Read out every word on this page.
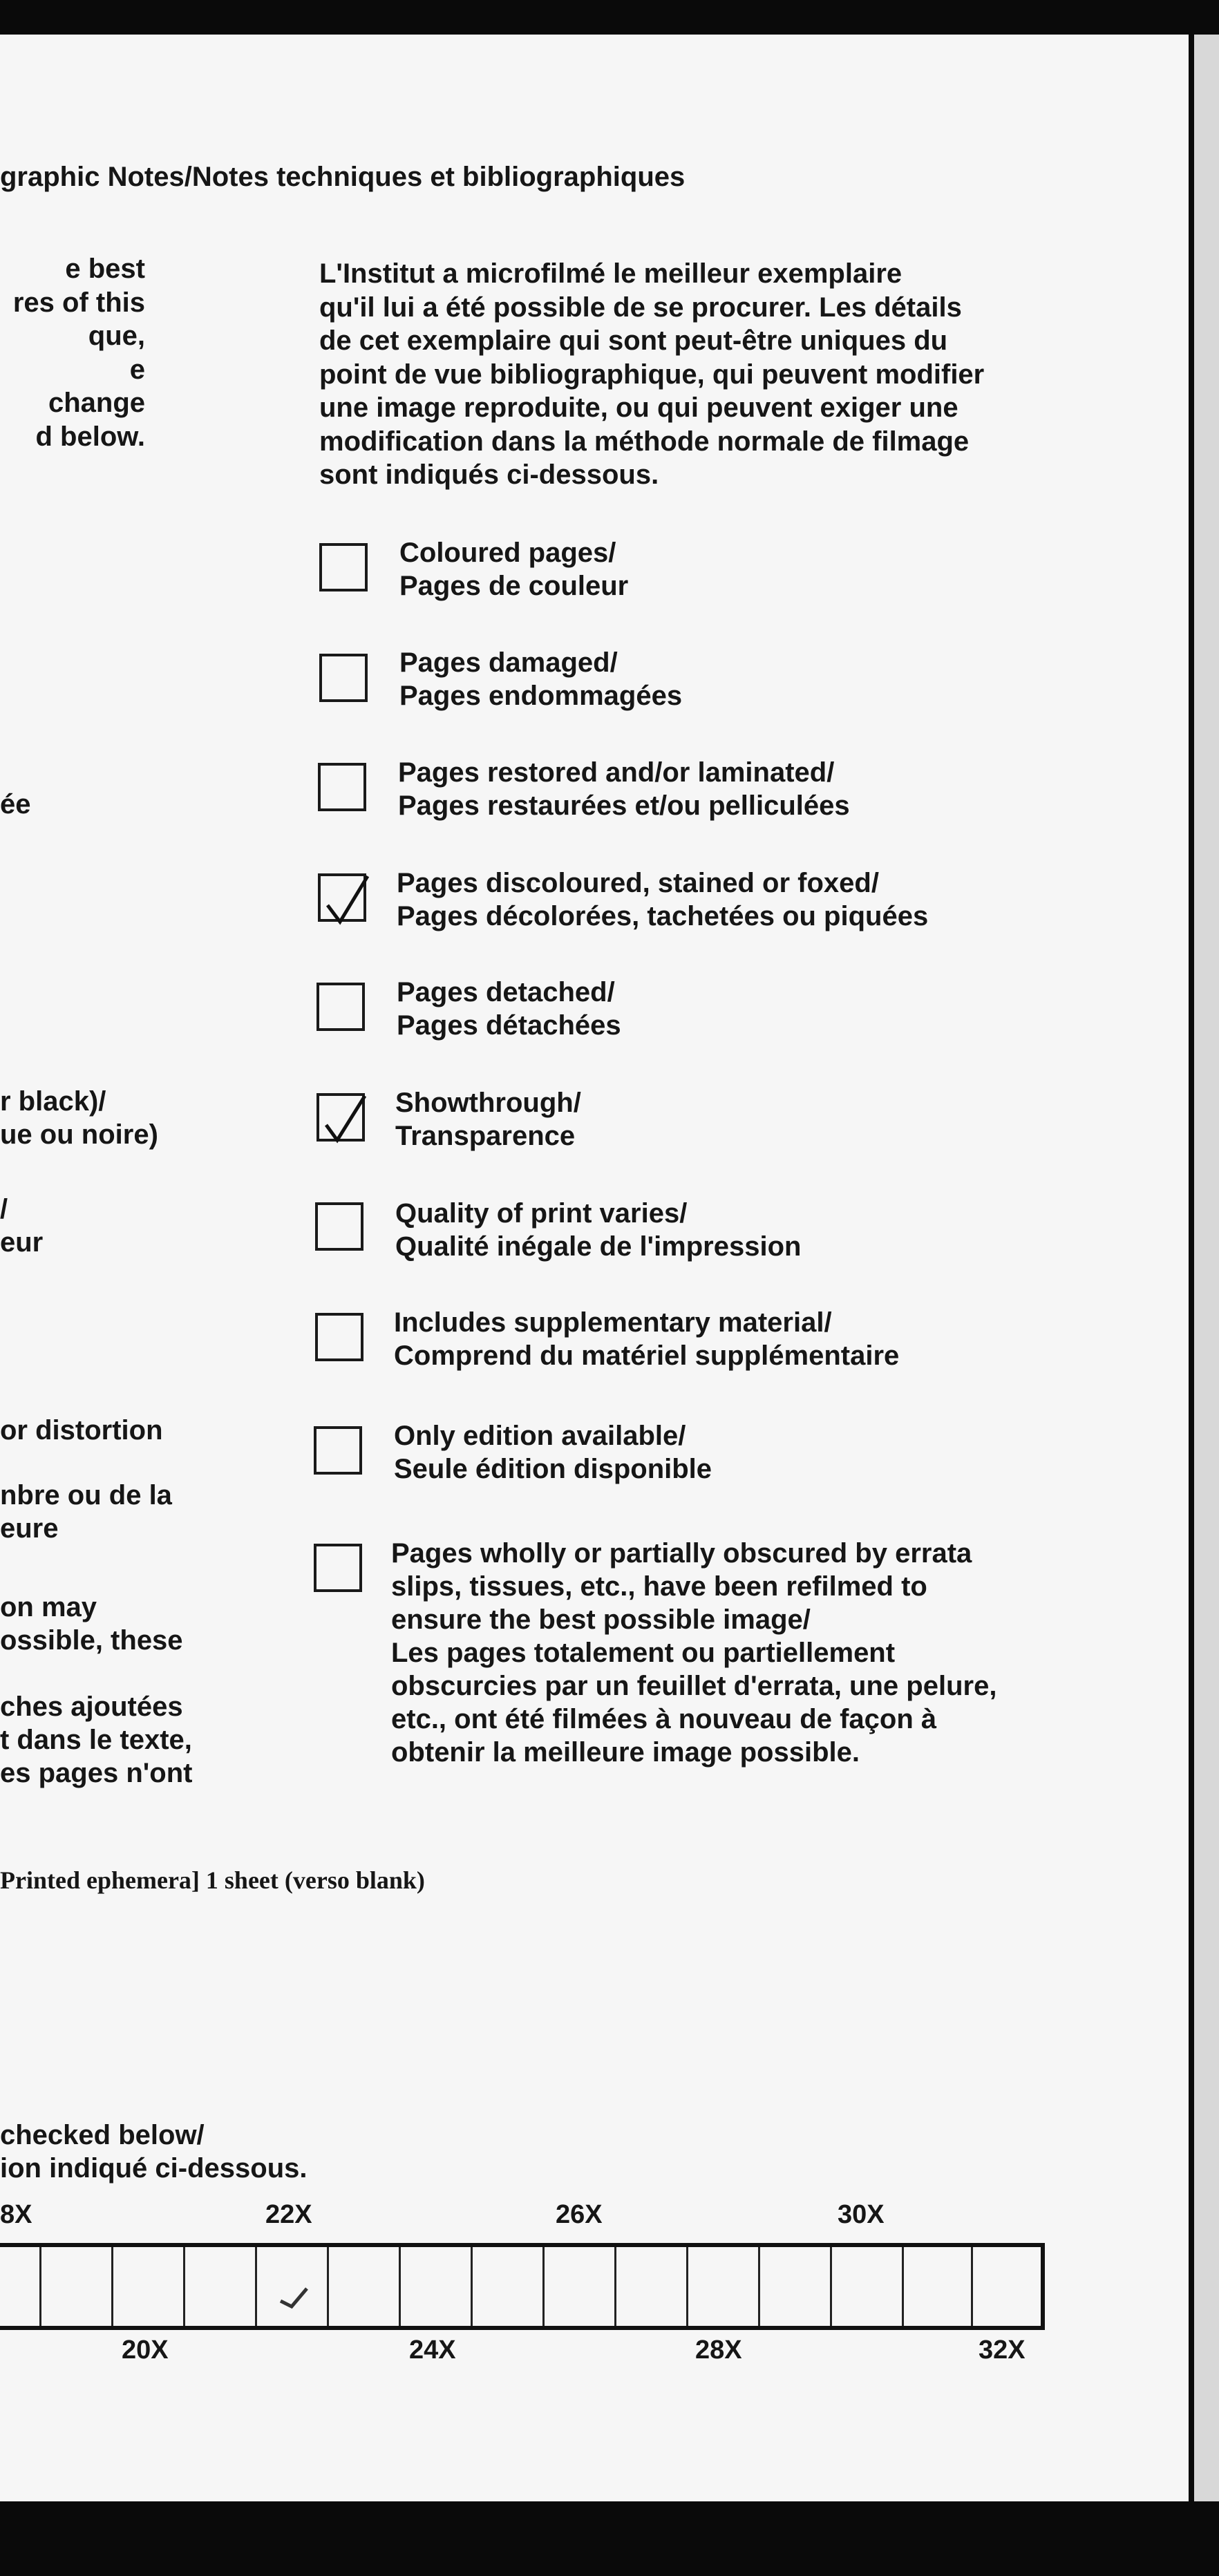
graphic Notes/Notes techniques et bibliographiques
e best
res of this
que,
e
change
d below.
L'Institut a microfilmé le meilleur exemplaire
qu'il lui a été possible de se procurer. Les détails
de cet exemplaire qui sont peut-être uniques du
point de vue bibliographique, qui peuvent modifier
une image reproduite, ou qui peuvent exiger une
modification dans la méthode normale de filmage
sont indiqués ci-dessous.
Coloured pages/
Pages de couleur
Pages damaged/
Pages endommagées
Pages restored and/or laminated/
Pages restaurées et/ou pelliculées
Pages discoloured, stained or foxed/
Pages décolorées, tachetées ou piquées
Pages detached/
Pages détachées
Showthrough/
Transparence
Quality of print varies/
Qualité inégale de l'impression
Includes supplementary material/
Comprend du matériel supplémentaire
Only edition available/
Seule édition disponible
Pages wholly or partially obscured by errata
slips, tissues, etc., have been refilmed to
ensure the best possible image/
Les pages totalement ou partiellement
obscurcies par un feuillet d'errata, une pelure,
etc., ont été filmées à nouveau de façon à
obtenir la meilleure image possible.
ée
r black)/
ue ou noire)
/
eur
or distortion
nbre ou de la
eure
on may
ossible, these
ches ajoutées
t dans le texte,
es pages n'ont
Printed ephemera] 1 sheet (verso blank)
checked below/
ion indiqué ci-dessous.
8X	22X	26X	30X
20X	24X	28X	32X
